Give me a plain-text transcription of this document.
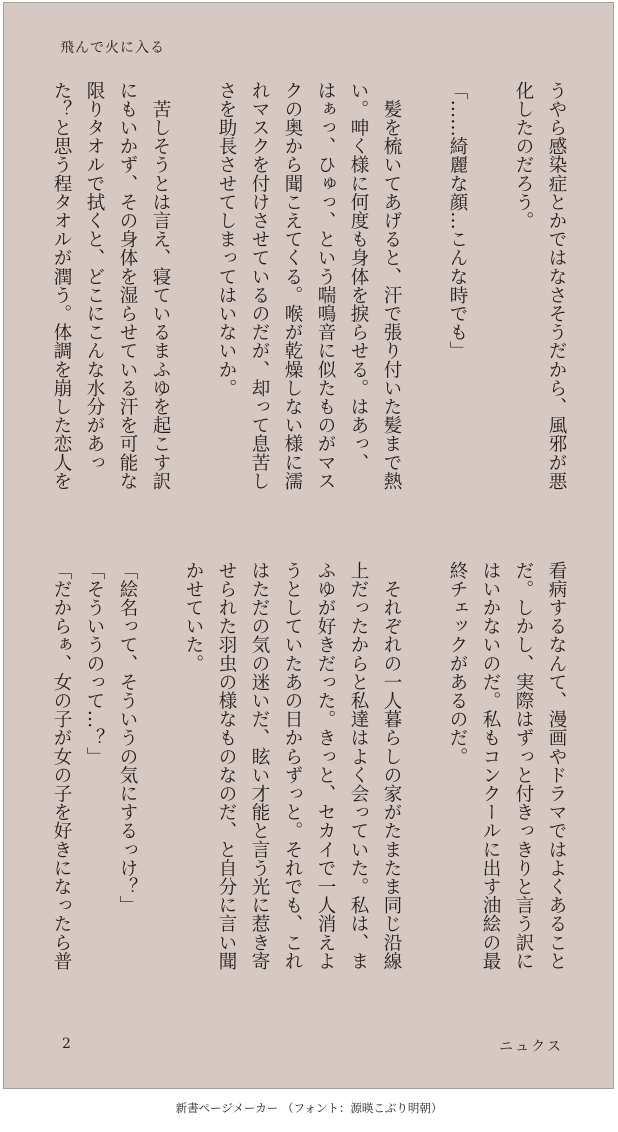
飛んで火に入る
うやら感染症とかではなさそうだから、風邪が悪
化したのだろう。

「……綺麗な顔…こんな時でも」

　髪を梳いてあげると、汗で張り付いた髪まで熱
い。呻く様に何度も身体を捩らせる。はあっ、
はぁっ、ひゅっ、という喘鳴音に似たものがマス
クの奥から聞こえてくる。喉が乾燥しない様に濡
れマスクを付けさせているのだが、却って息苦し
さを助長させてしまってはいないか。

　苦しそうとは言え、寝ているまふゆを起こす訳
にもいかず、その身体を湿らせている汗を可能な
限りタオルで拭くと、どこにこんな水分があっ
た？と思う程タオルが潤う。体調を崩した恋人を
看病するなんて、漫画やドラマではよくあること
だ。しかし、実際はずっと付きっきりと言う訳に
はいかないのだ。私もコンクールに出す油絵の最
終チェックがあるのだ。

　それぞれの一人暮らしの家がたまたま同じ沿線
上だったからと私達はよく会っていた。私は、ま
ふゆが好きだった。きっと、セカイで一人消えよ
うとしていたあの日からずっと。それでも、これ
はただの気の迷いだ、眩い才能と言う光に惹き寄
せられた羽虫の様なものなのだ、と自分に言い聞
かせていた。

「絵名って、そういうの気にするっけ？」
「そういうのって…？」
「だからぁ、女の子が女の子を好きになったら普
2	ニュクス
新書ページメーカー （フォント：源暎こぶり明朝）
